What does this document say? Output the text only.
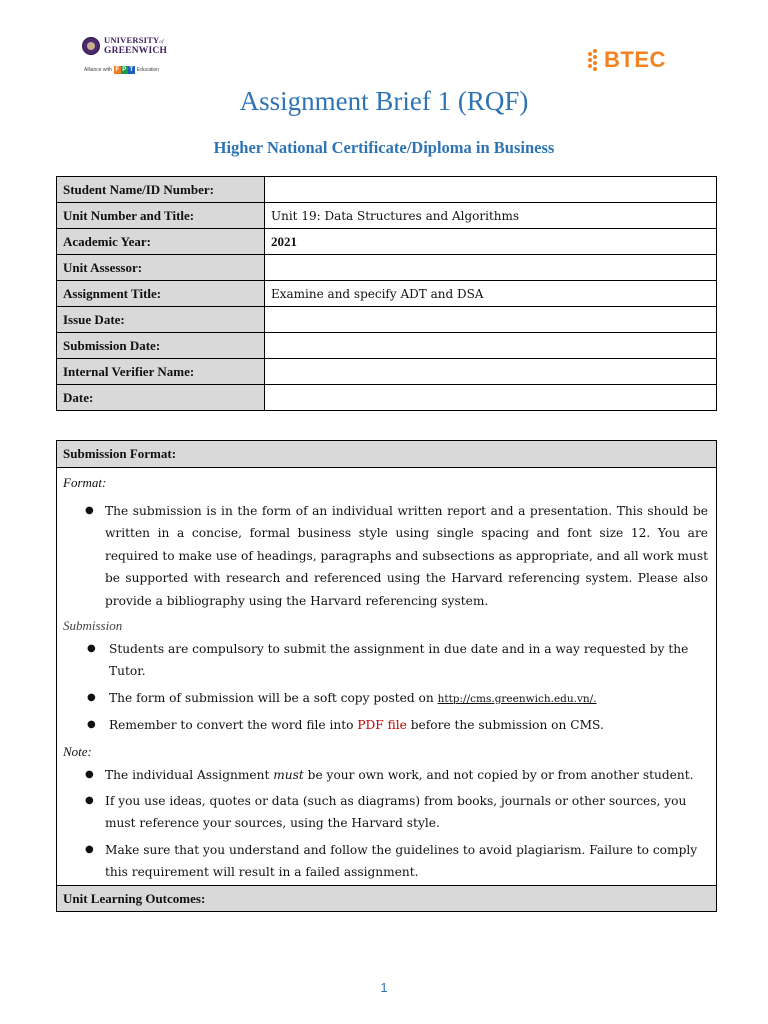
UNIVERSITYof
GREENWICH
Alliance with F P T Education	BTEC
Assignment Brief 1 (RQF)
Higher National Certificate/Diploma in Business
Student Name/ID Number:	
Unit Number and Title:	Unit 19: Data Structures and Algorithms
Academic Year:	2021
Unit Assessor:	
Assignment Title:	Examine and specify ADT and DSA
Issue Date:	
Submission Date:	
Internal Verifier Name:	
Date:	
Submission Format:
Format:
● The submission is in the form of an individual written report and a presentation. This should be written in a concise, formal business style using single spacing and font size 12. You are required to make use of headings, paragraphs and subsections as appropriate, and all work must be supported with research and referenced using the Harvard referencing system. Please also provide a bibliography using the Harvard referencing system.
Submission
● Students are compulsory to submit the assignment in due date and in a way requested by the Tutor.
● The form of submission will be a soft copy posted on http://cms.greenwich.edu.vn/.
● Remember to convert the word file into PDF file before the submission on CMS.
Note:
● The individual Assignment must be your own work, and not copied by or from another student.
● If you use ideas, quotes or data (such as diagrams) from books, journals or other sources, you must reference your sources, using the Harvard style.
● Make sure that you understand and follow the guidelines to avoid plagiarism. Failure to comply this requirement will result in a failed assignment.
Unit Learning Outcomes:
1
